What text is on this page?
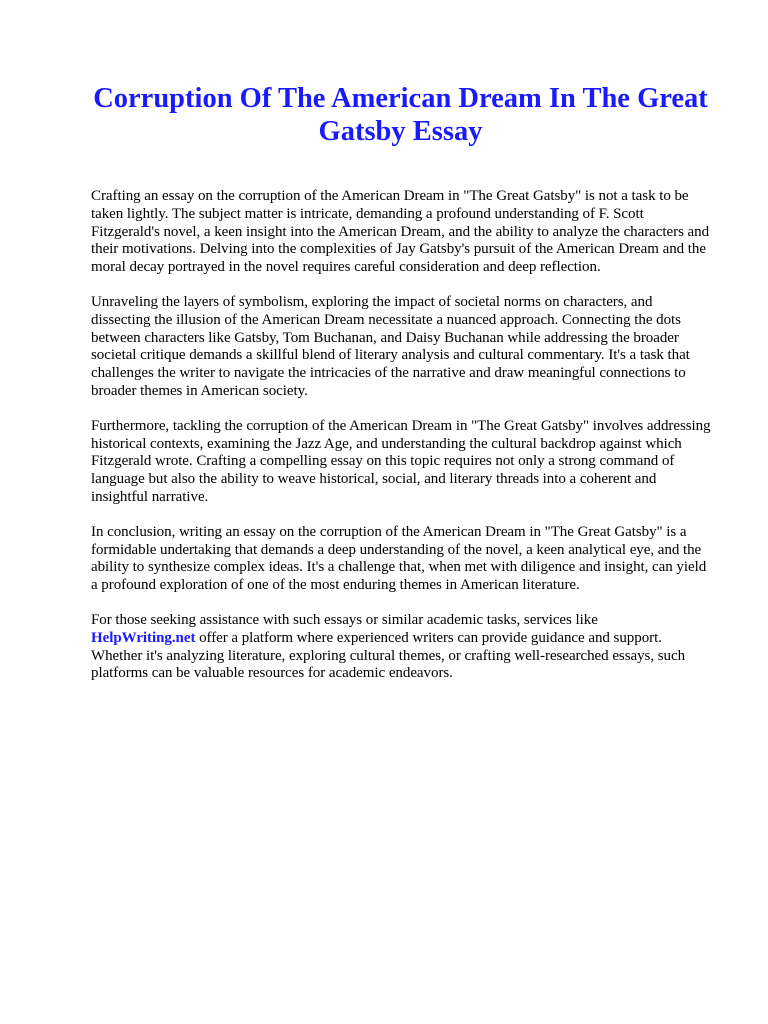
Corruption Of The American Dream In The Great Gatsby Essay

Crafting an essay on the corruption of the American Dream in "The Great Gatsby" is not a task to be taken lightly. The subject matter is intricate, demanding a profound understanding of F. Scott Fitzgerald's novel, a keen insight into the American Dream, and the ability to analyze the characters and their motivations. Delving into the complexities of Jay Gatsby's pursuit of the American Dream and the moral decay portrayed in the novel requires careful consideration and deep reflection.

Unraveling the layers of symbolism, exploring the impact of societal norms on characters, and dissecting the illusion of the American Dream necessitate a nuanced approach. Connecting the dots between characters like Gatsby, Tom Buchanan, and Daisy Buchanan while addressing the broader societal critique demands a skillful blend of literary analysis and cultural commentary. It's a task that challenges the writer to navigate the intricacies of the narrative and draw meaningful connections to broader themes in American society.

Furthermore, tackling the corruption of the American Dream in "The Great Gatsby" involves addressing historical contexts, examining the Jazz Age, and understanding the cultural backdrop against which Fitzgerald wrote. Crafting a compelling essay on this topic requires not only a strong command of language but also the ability to weave historical, social, and literary threads into a coherent and insightful narrative.

In conclusion, writing an essay on the corruption of the American Dream in "The Great Gatsby" is a formidable undertaking that demands a deep understanding of the novel, a keen analytical eye, and the ability to synthesize complex ideas. It's a challenge that, when met with diligence and insight, can yield a profound exploration of one of the most enduring themes in American literature.

For those seeking assistance with such essays or similar academic tasks, services like
HelpWriting.net offer a platform where experienced writers can provide guidance and support. Whether it's analyzing literature, exploring cultural themes, or crafting well-researched essays, such platforms can be valuable resources for academic endeavors.
